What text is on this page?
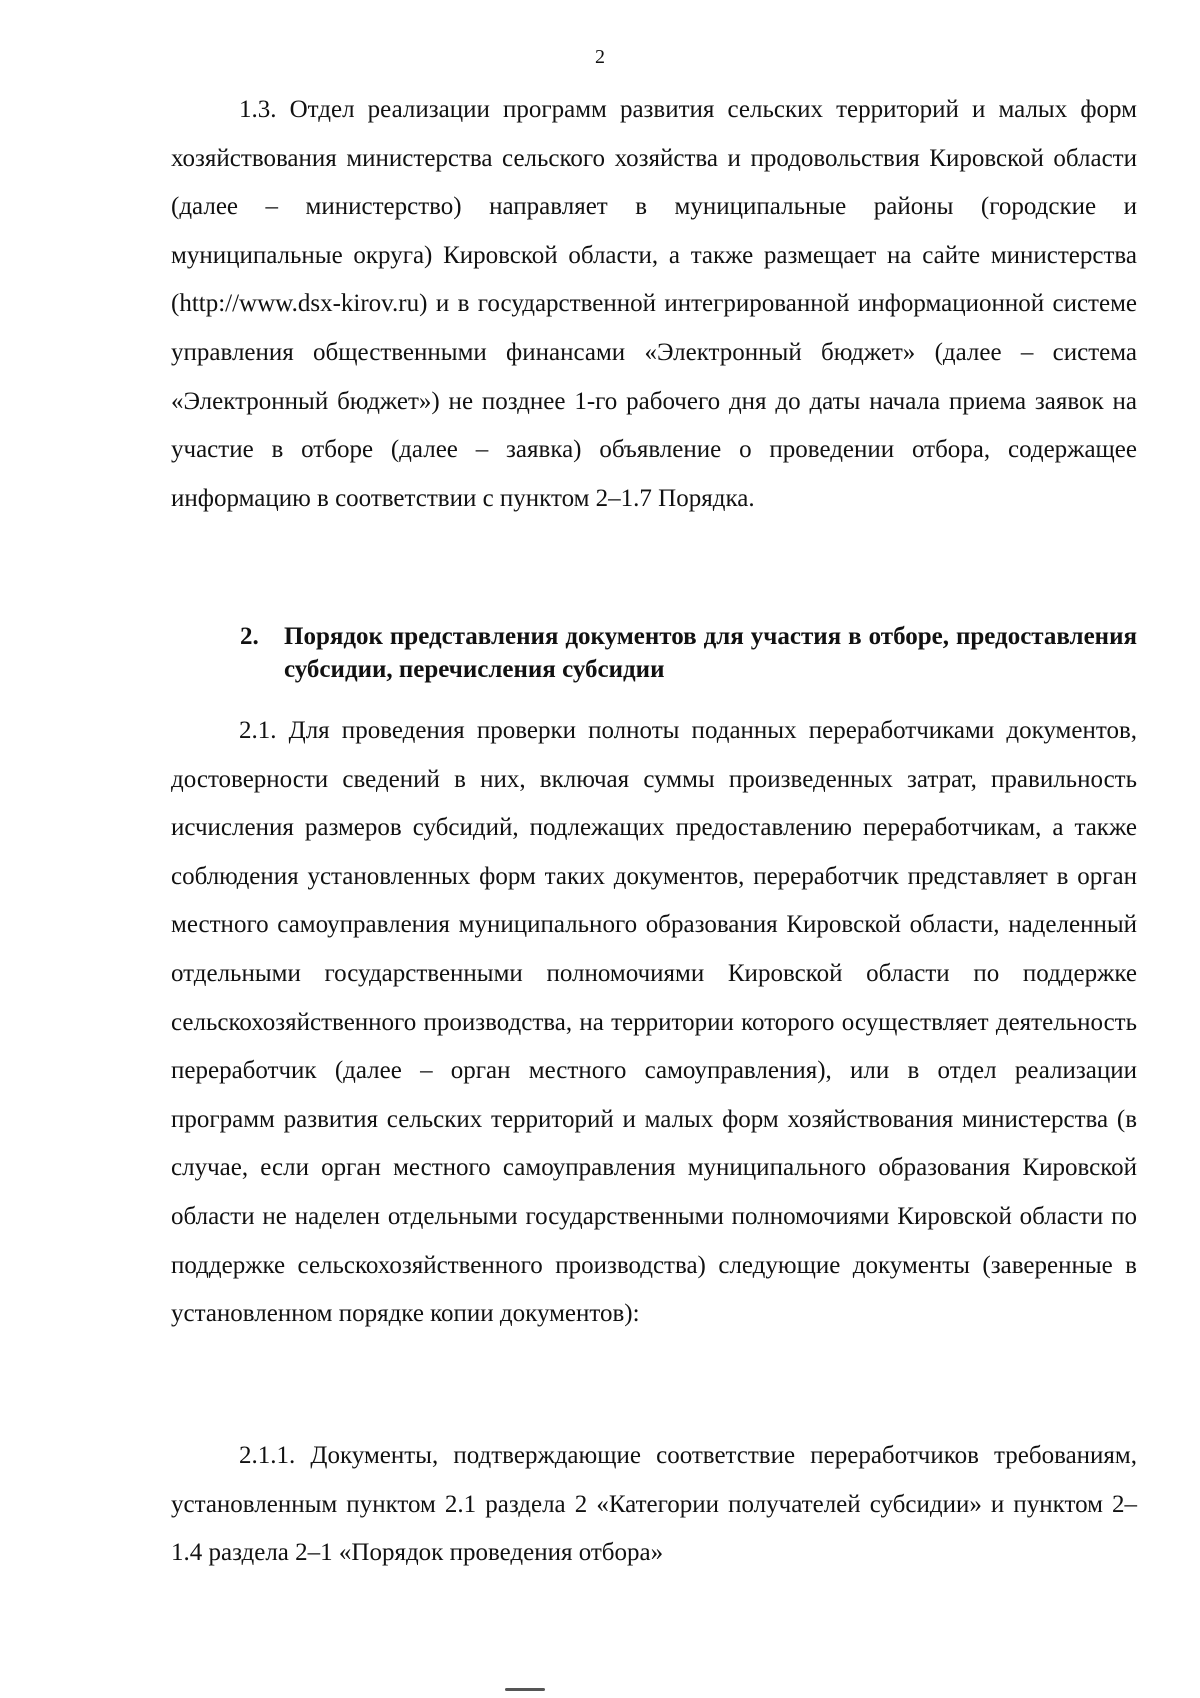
2

1.3. Отдел реализации программ развития сельских территорий и малых форм хозяйствования министерства сельского хозяйства и продовольствия Кировской области (далее – министерство) направляет в муниципальные районы (городские и муниципальные округа) Кировской области, а также размещает на сайте министерства (http://www.dsx-kirov.ru) и в государственной интегрированной информационной системе управления общественными финансами «Электронный бюджет» (далее – система «Электронный бюджет») не позднее 1-го рабочего дня до даты начала приема заявок на участие в отборе (далее – заявка) объявление о проведении отбора, содержащее информацию в соответствии с пунктом 2–1.7 Порядка.

2.	Порядок представления документов для участия в отборе, предоставления субсидии, перечисления субсидии

2.1. Для проведения проверки полноты поданных переработчиками документов, достоверности сведений в них, включая суммы произведенных затрат, правильность исчисления размеров субсидий, подлежащих предоставлению переработчикам, а также соблюдения установленных форм таких документов, переработчик представляет в орган местного самоуправления муниципального образования Кировской области, наделенный отдельными государственными полномочиями Кировской области по поддержке сельскохозяйственного производства, на территории которого осуществляет деятельность переработчик (далее – орган местного самоуправления), или в отдел реализации программ развития сельских территорий и малых форм хозяйствования министерства (в случае, если орган местного самоуправления муниципального образования Кировской области не наделен отдельными государственными полномочиями Кировской области по поддержке сельскохозяйственного производства) следующие документы (заверенные в установленном порядке копии документов):

2.1.1. Документы, подтверждающие соответствие переработчиков требованиям, установленным пунктом 2.1 раздела 2 «Категории получателей субсидии» и пунктом 2–1.4 раздела 2–1 «Порядок проведения отбора»
